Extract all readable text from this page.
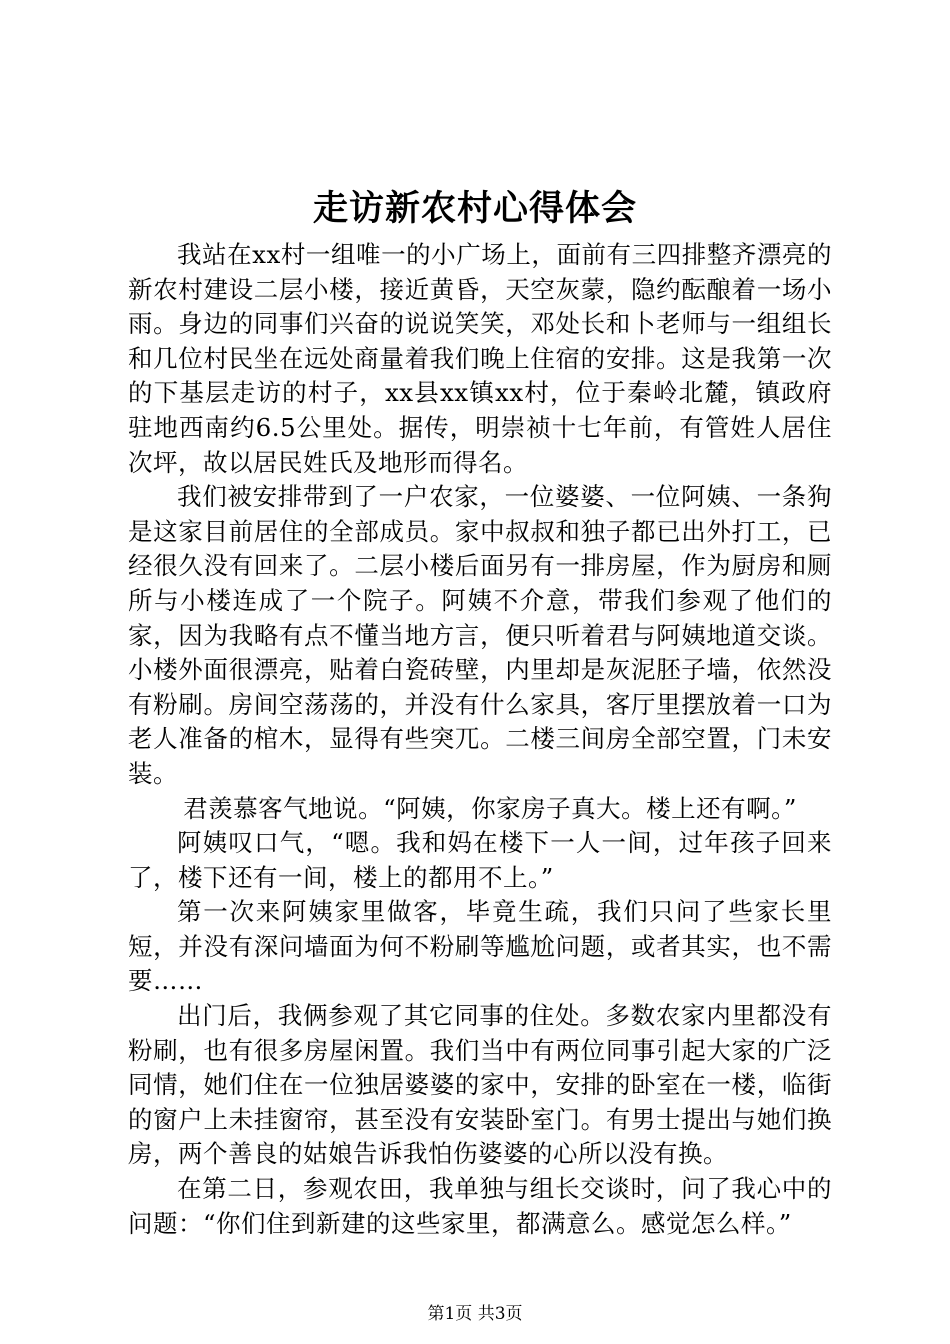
走访新农村心得体会

我站在xx村一组唯一的小广场上，面前有三四排整齐漂亮的新农村建设二层小楼，接近黄昏，天空灰蒙，隐约酝酿着一场小雨。身边的同事们兴奋的说说笑笑，邓处长和卜老师与一组组长和几位村民坐在远处商量着我们晚上住宿的安排。这是我第一次的下基层走访的村子，xx县xx镇xx村，位于秦岭北麓，镇政府驻地西南约6.5公里处。据传，明崇祯十七年前，有管姓人居住次坪，故以居民姓氏及地形而得名。

我们被安排带到了一户农家，一位婆婆、一位阿姨、一条狗是这家目前居住的全部成员。家中叔叔和独子都已出外打工，已经很久没有回来了。二层小楼后面另有一排房屋，作为厨房和厕所与小楼连成了一个院子。阿姨不介意，带我们参观了他们的家，因为我略有点不懂当地方言，便只听着君与阿姨地道交谈。小楼外面很漂亮，贴着白瓷砖壁，内里却是灰泥胚子墙，依然没有粉刷。房间空荡荡的，并没有什么家具，客厅里摆放着一口为老人准备的棺木，显得有些突兀。二楼三间房全部空置，门未安装。

君羡慕客气地说。“阿姨，你家房子真大。楼上还有啊。”

阿姨叹口气，“嗯。我和妈在楼下一人一间，过年孩子回来了，楼下还有一间，楼上的都用不上。”

第一次来阿姨家里做客，毕竟生疏，我们只问了些家长里短，并没有深问墙面为何不粉刷等尴尬问题，或者其实，也不需要……

出门后，我俩参观了其它同事的住处。多数农家内里都没有粉刷，也有很多房屋闲置。我们当中有两位同事引起大家的广泛同情，她们住在一位独居婆婆的家中，安排的卧室在一楼，临街的窗户上未挂窗帘，甚至没有安装卧室门。有男士提出与她们换房，两个善良的姑娘告诉我怕伤婆婆的心所以没有换。

在第二日，参观农田，我单独与组长交谈时，问了我心中的问题：“你们住到新建的这些家里，都满意么。感觉怎么样。”

第1页 共3页
